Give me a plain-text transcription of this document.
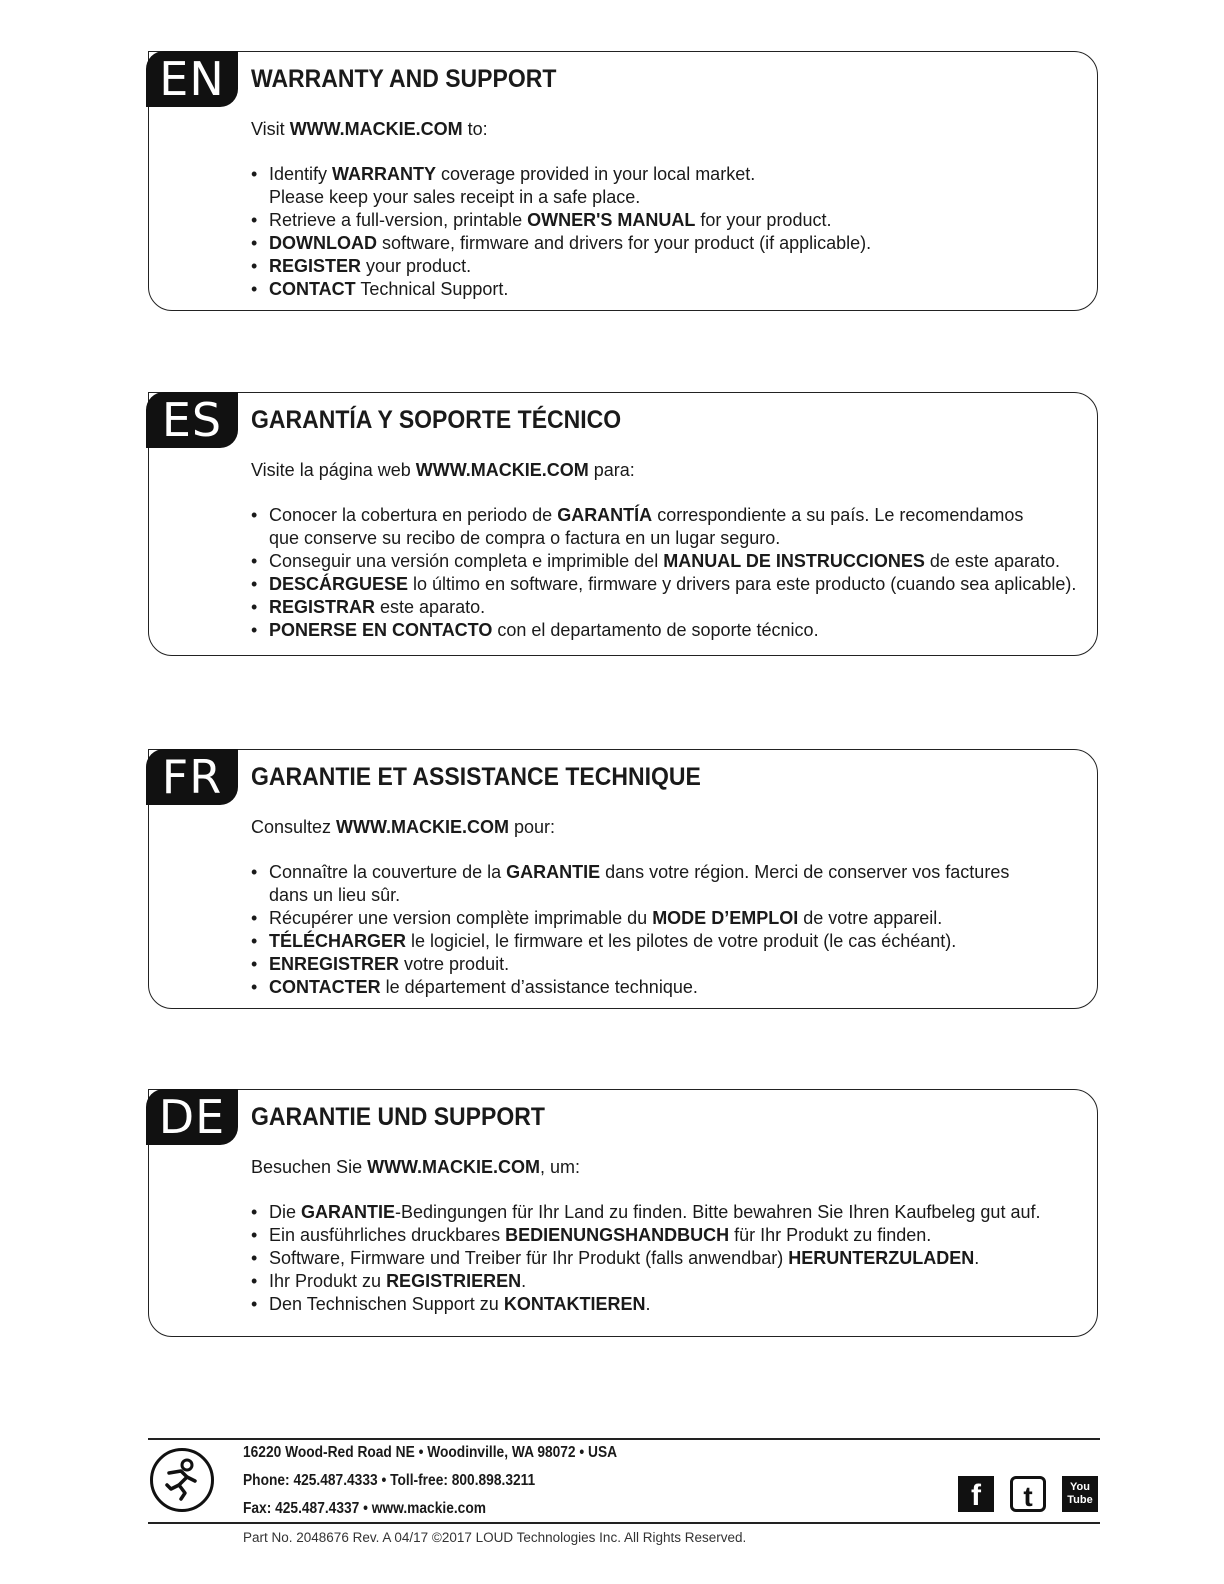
EN	WARRANTY AND SUPPORT
Visit WWW.MACKIE.COM to:
• Identify WARRANTY coverage provided in your local market.
Please keep your sales receipt in a safe place.
• Retrieve a full-version, printable OWNER'S MANUAL for your product.
• DOWNLOAD software, firmware and drivers for your product (if applicable).
• REGISTER your product.
• CONTACT Technical Support.
ES	GARANTÍA Y SOPORTE TÉCNICO
Visite la página web WWW.MACKIE.COM para:
• Conocer la cobertura en periodo de GARANTÍA correspondiente a su país. Le recomendamos
que conserve su recibo de compra o factura en un lugar seguro.
• Conseguir una versión completa e imprimible del MANUAL DE INSTRUCCIONES de este aparato.
• DESCÁRGUESE lo último en software, firmware y drivers para este producto (cuando sea aplicable).
• REGISTRAR este aparato.
• PONERSE EN CONTACTO con el departamento de soporte técnico.
FR	GARANTIE ET ASSISTANCE TECHNIQUE
Consultez WWW.MACKIE.COM pour:
• Connaître la couverture de la GARANTIE dans votre région. Merci de conserver vos factures
dans un lieu sûr.
• Récupérer une version complète imprimable du MODE D’EMPLOI de votre appareil.
• TÉLÉCHARGER le logiciel, le firmware et les pilotes de votre produit (le cas échéant).
• ENREGISTRER votre produit.
• CONTACTER le département d’assistance technique.
DE	GARANTIE UND SUPPORT
Besuchen Sie WWW.MACKIE.COM, um:
• Die GARANTIE-Bedingungen für Ihr Land zu finden. Bitte bewahren Sie Ihren Kaufbeleg gut auf.
• Ein ausführliches druckbares BEDIENUNGSHANDBUCH für Ihr Produkt zu finden.
• Software, Firmware und Treiber für Ihr Produkt (falls anwendbar) HERUNTERZULADEN.
• Ihr Produkt zu REGISTRIEREN.
• Den Technischen Support zu KONTAKTIEREN.
16220 Wood-Red Road NE • Woodinville, WA 98072 • USA
Phone: 425.487.4333 • Toll-free: 800.898.3211
Fax: 425.487.4337 • www.mackie.com	f	t	You Tube
Part No. 2048676 Rev. A 04/17 ©2017 LOUD Technologies Inc. All Rights Reserved.
